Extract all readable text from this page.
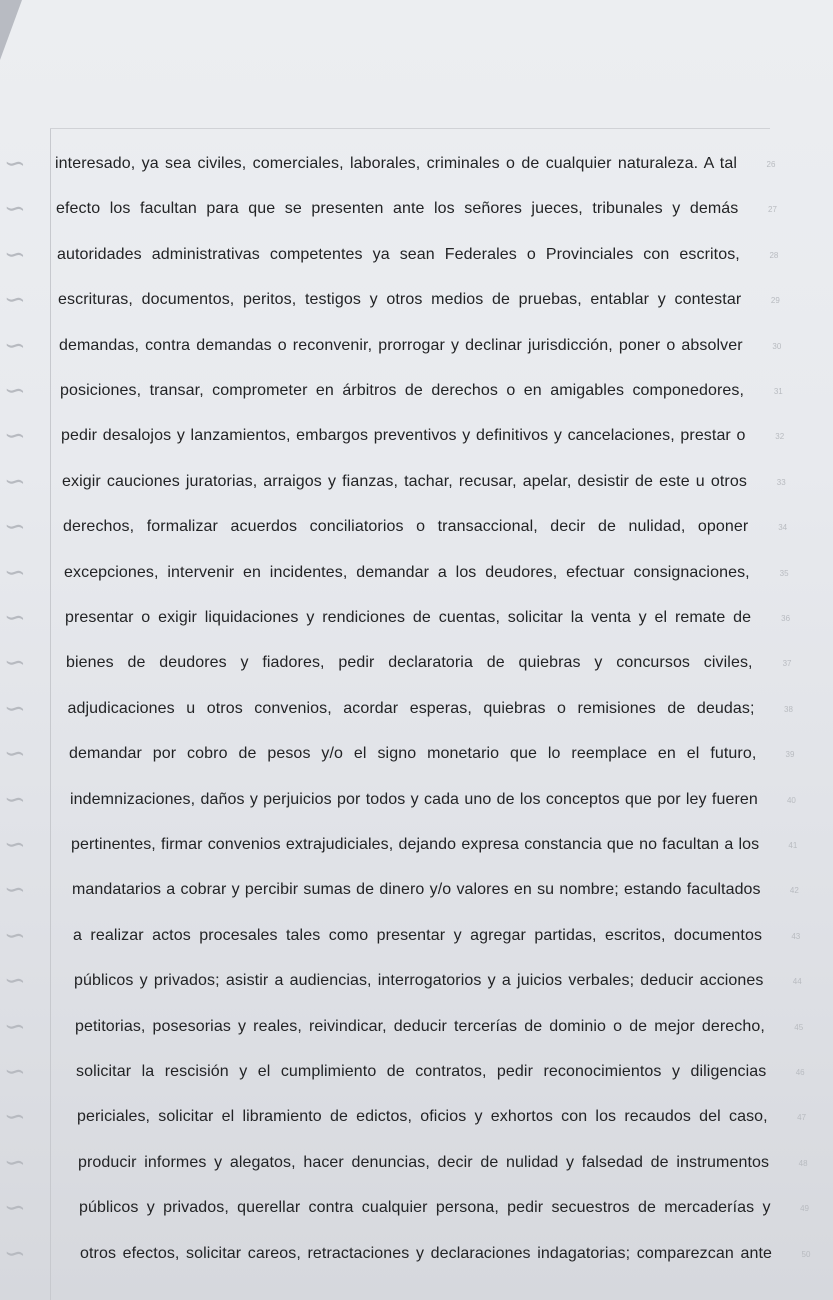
∽
∽
∽
∽
∽
∽
∽
∽
∽
∽
∽
∽
∽
∽
∽
∽
∽
∽
∽
∽
∽
∽
∽
∽
∽
26
27
28
29
30
31
32
33
34
35
36
37
38
39
40
41
42
43
44
45
46
47
48
49
50
interesado, ya sea civiles, comerciales, laborales, criminales o de cualquier naturaleza. A tal
efecto los facultan para que se presenten ante los señores jueces, tribunales y demás
autoridades administrativas competentes ya sean Federales o Provinciales con escritos,
escrituras, documentos, peritos, testigos y otros medios de pruebas, entablar y contestar
demandas, contra demandas o reconvenir, prorrogar y declinar jurisdicción, poner o absolver
posiciones, transar, comprometer en árbitros de derechos o en amigables componedores,
pedir desalojos y lanzamientos, embargos preventivos y definitivos y cancelaciones, prestar o
exigir cauciones juratorias, arraigos y fianzas, tachar, recusar, apelar, desistir de este u otros
derechos, formalizar acuerdos conciliatorios o transaccional, decir de nulidad, oponer
excepciones, intervenir en incidentes, demandar a los deudores, efectuar consignaciones,
presentar o exigir liquidaciones y rendiciones de cuentas, solicitar la venta y el remate de
bienes de deudores y fiadores, pedir declaratoria de quiebras y concursos civiles,
adjudicaciones u otros convenios, acordar esperas, quiebras o remisiones de deudas;
demandar por cobro de pesos y/o el signo monetario que lo reemplace en el futuro,
indemnizaciones, daños y perjuicios por todos y cada uno de los conceptos que por ley fueren
pertinentes, firmar convenios extrajudiciales, dejando expresa constancia que no facultan a los
mandatarios a cobrar y percibir sumas de dinero y/o valores en su nombre; estando facultados
a realizar actos procesales tales como presentar y agregar partidas, escritos, documentos
públicos y privados; asistir a audiencias, interrogatorios y a juicios verbales; deducir acciones
petitorias, posesorias y reales, reivindicar, deducir tercerías de dominio o de mejor derecho,
solicitar la rescisión y el cumplimiento de contratos, pedir reconocimientos y diligencias
periciales, solicitar el libramiento de edictos, oficios y exhortos con los recaudos del caso,
producir informes y alegatos, hacer denuncias, decir de nulidad y falsedad de instrumentos
públicos y privados, querellar contra cualquier persona, pedir secuestros de mercaderías y
otros efectos, solicitar careos, retractaciones y declaraciones indagatorias; comparezcan ante
